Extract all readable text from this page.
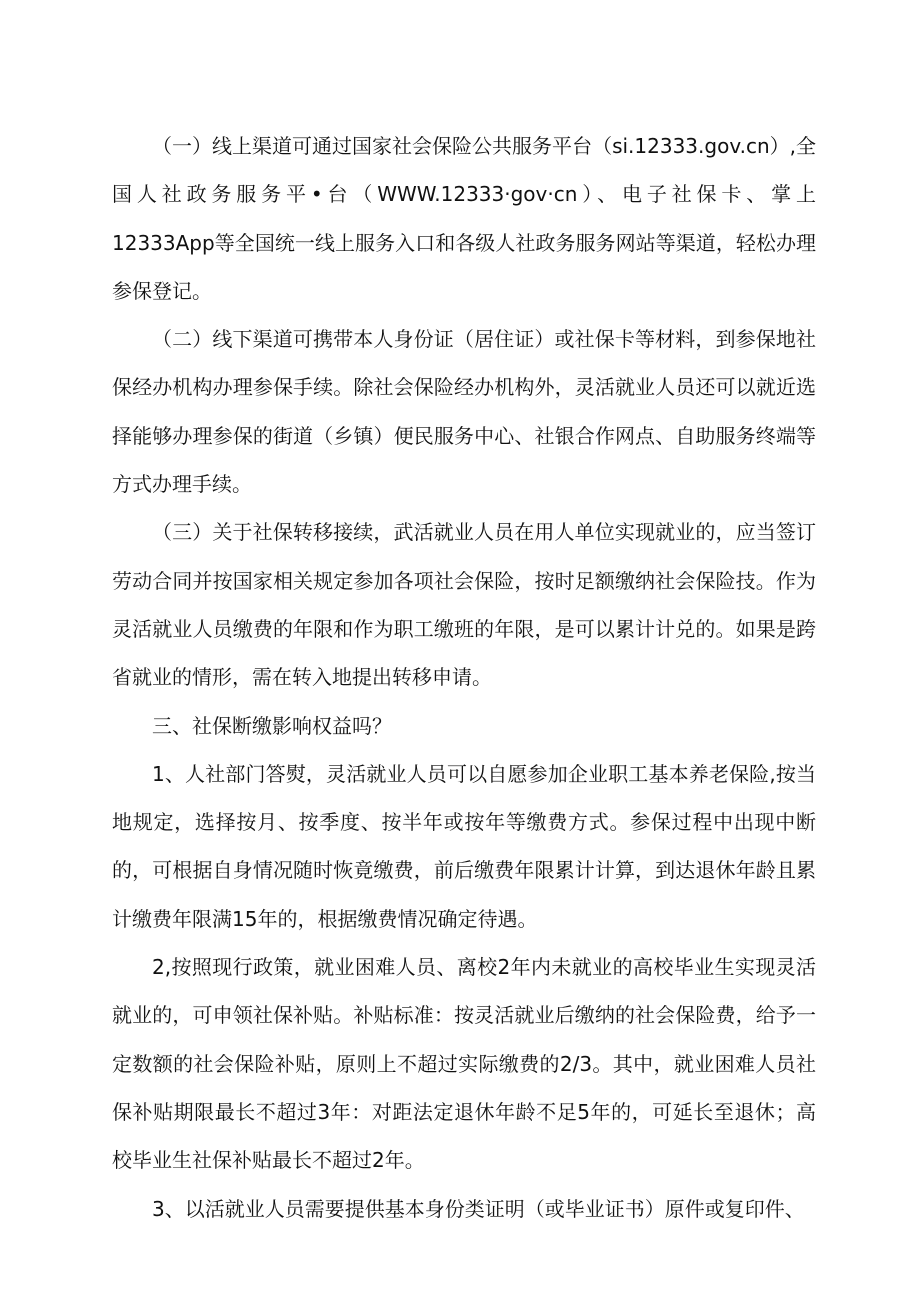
（一）线上渠道可通过国家社会保险公共服务平台（si.12333.gov.cn）,全国人社政务服务平•台（WWW.12333·gov·cn）、电子社保卡、掌上12333App等全国统一线上服务入口和各级人社政务服务网站等渠道，轻松办理参保登记。

（二）线下渠道可携带本人身份证（居住证）或社保卡等材料，到参保地社保经办机构办理参保手续。除社会保险经办机构外，灵活就业人员还可以就近选择能够办理参保的街道（乡镇）便民服务中心、社银合作网点、自助服务终端等方式办理手续。

（三）关于社保转移接续，武活就业人员在用人单位实现就业的，应当签订劳动合同并按国家相关规定参加各项社会保险，按时足额缴纳社会保险技。作为灵活就业人员缴费的年限和作为职工缴班的年限，是可以累计计兑的。如果是跨省就业的情形，需在转入地提出转移申请。

三、社保断缴影响权益吗？

1、人社部门答熨，灵活就业人员可以自愿参加企业职工基本养老保险,按当地规定，选择按月、按季度、按半年或按年等缴费方式。参保过程中出现中断的，可根据自身情况随时恢竟缴费，前后缴费年限累计计算，到达退休年龄且累计缴费年限满15年的，根据缴费情况确定待遇。

2,按照现行政策，就业困难人员、离校2年内未就业的高校毕业生实现灵活就业的，可申领社保补贴。补贴标准：按灵活就业后缴纳的社会保险费，给予一定数额的社会保险补贴，原则上不超过实际缴费的2/3。其中，就业困难人员社保补贴期限最长不超过3年：对距法定退休年龄不足5年的，可延长至退休；高校毕业生社保补贴最长不超过2年。

3、以活就业人员需要提供基本身份类证明（或毕业证书）原件或复印件、
